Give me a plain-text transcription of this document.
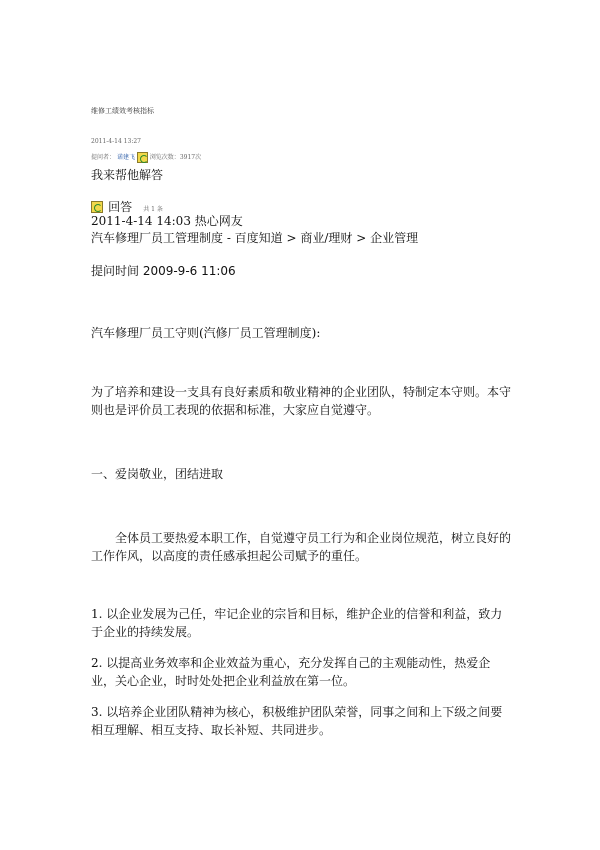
维修工绩效考核指标
2011-4-14 13:27
提问者： 诺建飞 浏览次数：3917次
我来帮他解答
回答 共 1 条
2011-4-14 14:03 热心网友
汽车修理厂员工管理制度 - 百度知道 > 商业/理财 > 企业管理
提问时间 2009-9-6 11:06
汽车修理厂员工守则(汽修厂员工管理制度):
为了培养和建设一支具有良好素质和敬业精神的企业团队，特制定本守则。本守则也是评价员工表现的依据和标准，大家应自觉遵守。
一、爱岗敬业，团结进取
全体员工要热爱本职工作，自觉遵守员工行为和企业岗位规范，树立良好的工作作风，以高度的责任感承担起公司赋予的重任。
1. 以企业发展为己任，牢记企业的宗旨和目标，维护企业的信誉和利益，致力于企业的持续发展。
2. 以提高业务效率和企业效益为重心，充分发挥自己的主观能动性，热爱企业，关心企业，时时处处把企业利益放在第一位。
3. 以培养企业团队精神为核心，积极维护团队荣誉，同事之间和上下级之间要相互理解、相互支持、取长补短、共同进步。
